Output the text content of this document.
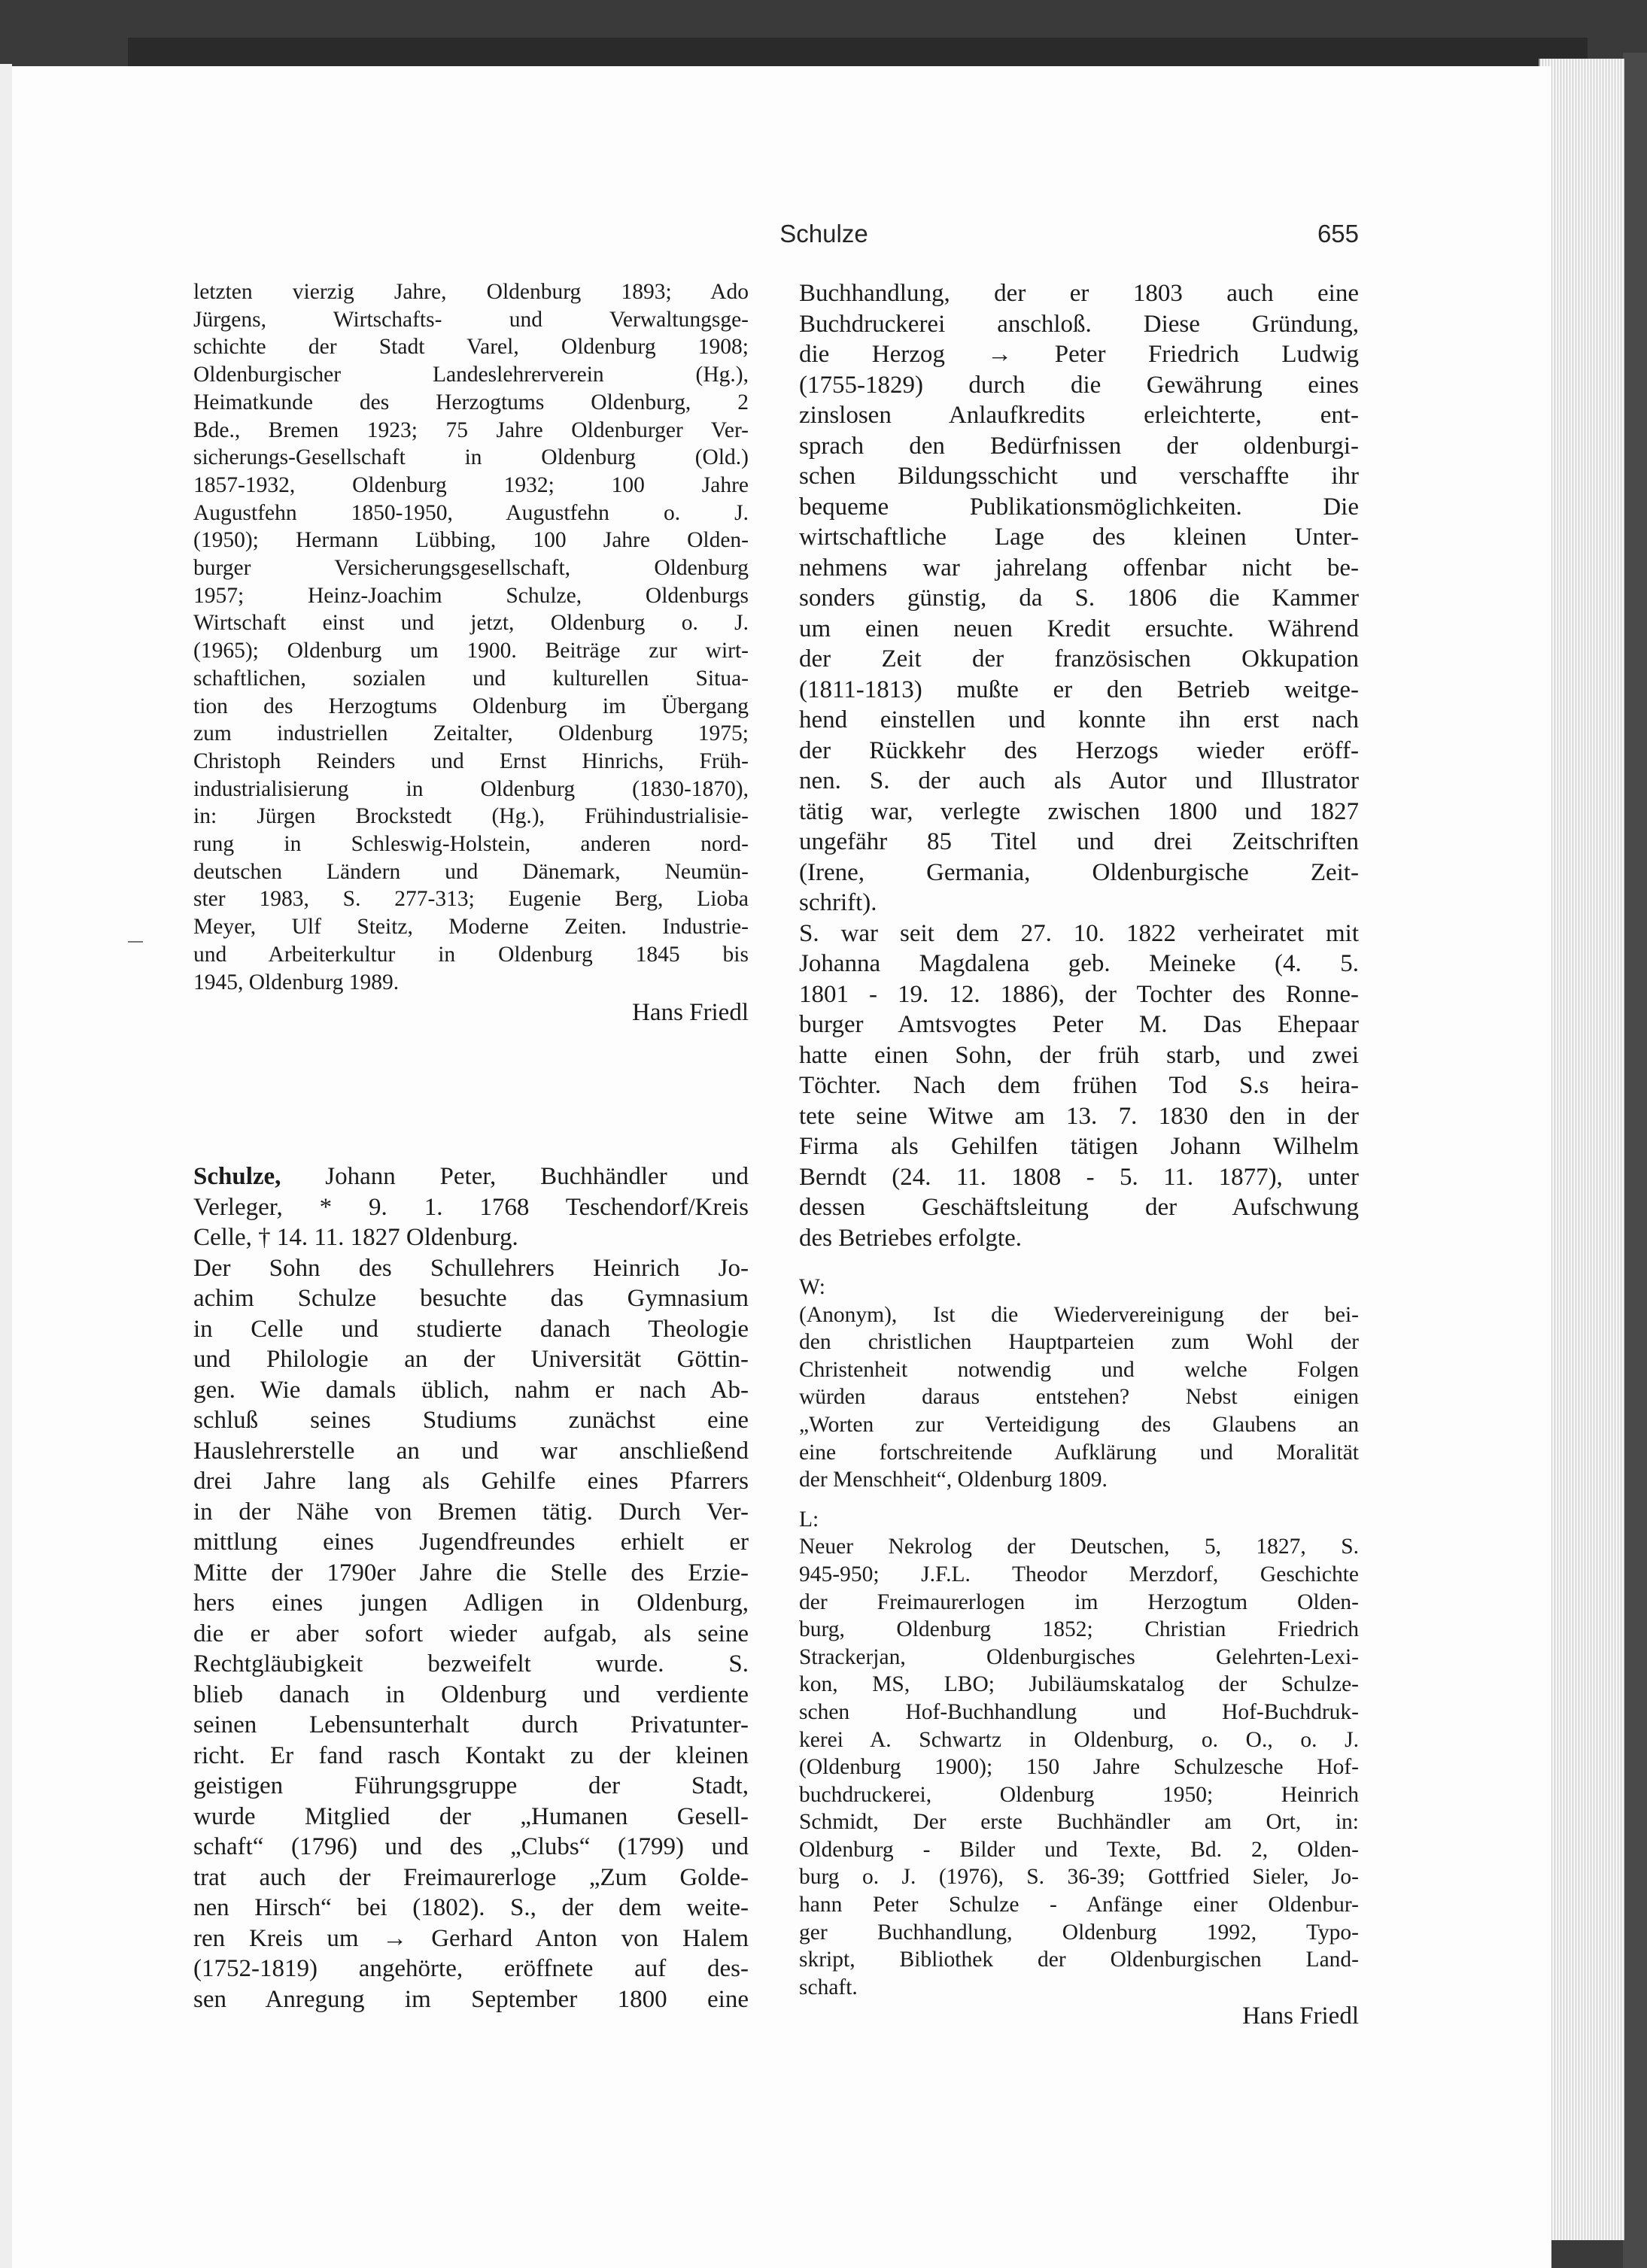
Schulze	655
letzten vierzig Jahre, Oldenburg 1893; Ado
Jürgens, Wirtschafts- und Verwaltungsge-
schichte der Stadt Varel, Oldenburg 1908;
Oldenburgischer Landeslehrerverein (Hg.),
Heimatkunde des Herzogtums Oldenburg, 2
Bde., Bremen 1923; 75 Jahre Oldenburger Ver-
sicherungs-Gesellschaft in Oldenburg (Old.)
1857-1932, Oldenburg 1932; 100 Jahre
Augustfehn 1850-1950, Augustfehn o. J.
(1950); Hermann Lübbing, 100 Jahre Olden-
burger Versicherungsgesellschaft, Oldenburg
1957; Heinz-Joachim Schulze, Oldenburgs
Wirtschaft einst und jetzt, Oldenburg o. J.
(1965); Oldenburg um 1900. Beiträge zur wirt-
schaftlichen, sozialen und kulturellen Situa-
tion des Herzogtums Oldenburg im Übergang
zum industriellen Zeitalter, Oldenburg 1975;
Christoph Reinders und Ernst Hinrichs, Früh-
industrialisierung in Oldenburg (1830-1870),
in: Jürgen Brockstedt (Hg.), Frühindustrialisie-
rung in Schleswig-Holstein, anderen nord-
deutschen Ländern und Dänemark, Neumün-
ster 1983, S. 277-313; Eugenie Berg, Lioba
Meyer, Ulf Steitz, Moderne Zeiten. Industrie-
und Arbeiterkultur in Oldenburg 1845 bis
1945, Oldenburg 1989.
Hans Friedl
Schulze, Johann Peter, Buchhändler und
Verleger, * 9. 1. 1768 Teschendorf/Kreis
Celle, † 14. 11. 1827 Oldenburg.
Der Sohn des Schullehrers Heinrich Jo-
achim Schulze besuchte das Gymnasium
in Celle und studierte danach Theologie
und Philologie an der Universität Göttin-
gen. Wie damals üblich, nahm er nach Ab-
schluß seines Studiums zunächst eine
Hauslehrerstelle an und war anschließend
drei Jahre lang als Gehilfe eines Pfarrers
in der Nähe von Bremen tätig. Durch Ver-
mittlung eines Jugendfreundes erhielt er
Mitte der 1790er Jahre die Stelle des Erzie-
hers eines jungen Adligen in Oldenburg,
die er aber sofort wieder aufgab, als seine
Rechtgläubigkeit bezweifelt wurde. S.
blieb danach in Oldenburg und verdiente
seinen Lebensunterhalt durch Privatunter-
richt. Er fand rasch Kontakt zu der kleinen
geistigen Führungsgruppe der Stadt,
wurde Mitglied der „Humanen Gesell-
schaft“ (1796) und des „Clubs“ (1799) und
trat auch der Freimaurerloge „Zum Golde-
nen Hirsch“ bei (1802). S., der dem weite-
ren Kreis um → Gerhard Anton von Halem
(1752-1819) angehörte, eröffnete auf des-
sen Anregung im September 1800 eine
Buchhandlung, der er 1803 auch eine
Buchdruckerei anschloß. Diese Gründung,
die Herzog → Peter Friedrich Ludwig
(1755-1829) durch die Gewährung eines
zinslosen Anlaufkredits erleichterte, ent-
sprach den Bedürfnissen der oldenburgi-
schen Bildungsschicht und verschaffte ihr
bequeme Publikationsmöglichkeiten. Die
wirtschaftliche Lage des kleinen Unter-
nehmens war jahrelang offenbar nicht be-
sonders günstig, da S. 1806 die Kammer
um einen neuen Kredit ersuchte. Während
der Zeit der französischen Okkupation
(1811-1813) mußte er den Betrieb weitge-
hend einstellen und konnte ihn erst nach
der Rückkehr des Herzogs wieder eröff-
nen. S. der auch als Autor und Illustrator
tätig war, verlegte zwischen 1800 und 1827
ungefähr 85 Titel und drei Zeitschriften
(Irene, Germania, Oldenburgische Zeit-
schrift).
S. war seit dem 27. 10. 1822 verheiratet mit
Johanna Magdalena geb. Meineke (4. 5.
1801 - 19. 12. 1886), der Tochter des Ronne-
burger Amtsvogtes Peter M. Das Ehepaar
hatte einen Sohn, der früh starb, und zwei
Töchter. Nach dem frühen Tod S.s heira-
tete seine Witwe am 13. 7. 1830 den in der
Firma als Gehilfen tätigen Johann Wilhelm
Berndt (24. 11. 1808 - 5. 11. 1877), unter
dessen Geschäftsleitung der Aufschwung
des Betriebes erfolgte.
W:
(Anonym), Ist die Wiedervereinigung der bei-
den christlichen Hauptparteien zum Wohl der
Christenheit notwendig und welche Folgen
würden daraus entstehen? Nebst einigen
„Worten zur Verteidigung des Glaubens an
eine fortschreitende Aufklärung und Moralität
der Menschheit“, Oldenburg 1809.
L:
Neuer Nekrolog der Deutschen, 5, 1827, S.
945-950; J.F.L. Theodor Merzdorf, Geschichte
der Freimaurerlogen im Herzogtum Olden-
burg, Oldenburg 1852; Christian Friedrich
Strackerjan, Oldenburgisches Gelehrten-Lexi-
kon, MS, LBO; Jubiläumskatalog der Schulze-
schen Hof-Buchhandlung und Hof-Buchdruk-
kerei A. Schwartz in Oldenburg, o. O., o. J.
(Oldenburg 1900); 150 Jahre Schulzesche Hof-
buchdruckerei, Oldenburg 1950; Heinrich
Schmidt, Der erste Buchhändler am Ort, in:
Oldenburg - Bilder und Texte, Bd. 2, Olden-
burg o. J. (1976), S. 36-39; Gottfried Sieler, Jo-
hann Peter Schulze - Anfänge einer Oldenbur-
ger Buchhandlung, Oldenburg 1992, Typo-
skript, Bibliothek der Oldenburgischen Land-
schaft.
Hans Friedl
